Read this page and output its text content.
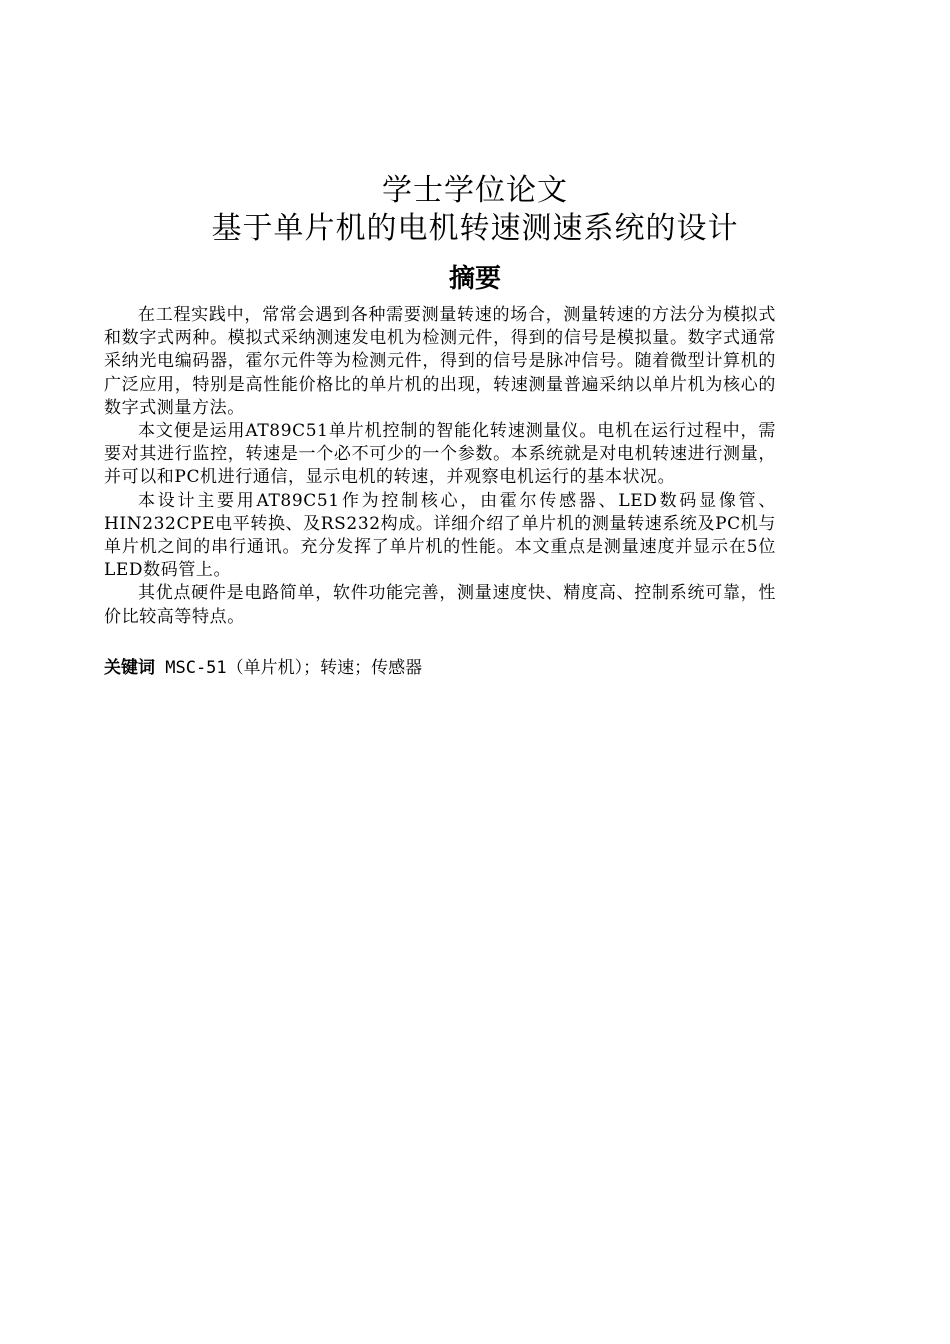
学士学位论文
基于单片机的电机转速测速系统的设计
摘要

在工程实践中，常常会遇到各种需要测量转速的场合，测量转速的方法分为模拟式和数字式两种。模拟式采纳测速发电机为检测元件，得到的信号是模拟量。数字式通常采纳光电编码器，霍尔元件等为检测元件，得到的信号是脉冲信号。随着微型计算机的广泛应用，特别是高性能价格比的单片机的出现，转速测量普遍采纳以单片机为核心的数字式测量方法。

本文便是运用AT89C51单片机控制的智能化转速测量仪。电机在运行过程中，需要对其进行监控，转速是一个必不可少的一个参数。本系统就是对电机转速进行测量，并可以和PC机进行通信，显示电机的转速，并观察电机运行的基本状况。

本设计主要用AT89C51作为控制核心，由霍尔传感器、LED数码显像管、HIN232CPE电平转换、及RS232构成。详细介绍了单片机的测量转速系统及PC机与单片机之间的串行通讯。充分发挥了单片机的性能。本文重点是测量速度并显示在5位LED数码管上。

其优点硬件是电路简单，软件功能完善，测量速度快、精度高、控制系统可靠，性价比较高等特点。

关键词 MSC-51（单片机）；转速；传感器
